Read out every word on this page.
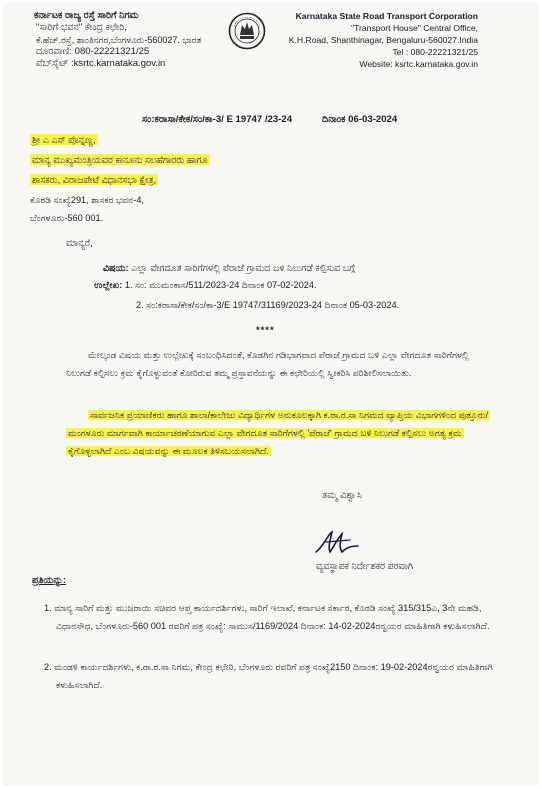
ಕರ್ನಾಟಕ ರಾಜ್ಯ ರಸ್ತೆ ಸಾರಿಗೆ ನಿಗಮ
"ಸಾರಿಗೆ ಭವನ" ಕೇಂದ್ರ ಕಛೇರಿ,
ಕೆ.ಹೆಚ್.ರಸ್ತೆ, ಶಾಂತಿನಗರ,ಬೆಂಗಳೂರು-560027. ಭಾರತ
ದೂರವಾಣಿ: 080-22221321/25
ವೆಬ್‌ಸೈಟ್ :ksrtc.karnataka.gov.in
Karnataka State Road Transport Corporation
"Transport House" Central Office,
K.H.Road, Shanthinagar, Bengaluru-560027.India
Tel : 080-22221321/25
Website: ksrtc.karnataka.gov.in
ಸಂ:ಕರಾಸಾ/ಕೇಕ/ಸಂ/ಕಾ-3/ E 19747 /23-24	ದಿನಾಂಕ 06-03-2024
ಶ್ರೀ ಎ ಎಸ್ ಪೊನ್ನಣ್ಣ,
ಮಾನ್ಯ ಮುಖ್ಯಮಂತ್ರಿಯವರ ಕಾನೂನು ಸಲಹೆಗಾರರು ಹಾಗೂ
ಶಾಸಕರು, ವಿರಾಜಪೇಟೆ ವಿಧಾನಸಭಾ ಕ್ಷೇತ್ರ,
ಕೊಠಡಿ ಸಂಖ್ಯೆ291, ಶಾಸಕರ ಭವನ-4,
ಬೆಂಗಳೂರು-560 001.
ಮಾನ್ಯರೆ,
ವಿಷಯ: ಎಲ್ಲಾ ವೇಗದೂತ ಸಾರಿಗೆಗಳಲ್ಲಿ ಪೆರಾಜೆ ಗ್ರಾಮದ ಬಳಿ ನಿಲುಗಡೆ ಕಲ್ಪಿಸುವ ಬಗ್ಗೆ
ಉಲ್ಲೇಖ: 1. ಸಂ: ಮುಮಂಕಾಸ/511/2023-24 ದಿನಾಂಕ 07-02-2024.
2. ಸಂ:ಕರಾಸಾ/ಕೇಕ/ಸಂ/ಕಾ-3/E 19747/31169/2023-24 ದಿನಾಂಕ 05-03-2024.
****
ಮೇಲ್ಕಂಡ ವಿಷಯ ಮತ್ತು ಉಲ್ಲೇಖಕ್ಕೆ ಸಂಬಂಧಿಸಿದಂತೆ, ಕೊಡಗಿನ ಗಡಿಭಾಗವಾದ ಪೆರಾಜೆ ಗ್ರಾಮದ ಬಳಿ ಎಲ್ಲಾ ವೇಗದೂತ ಸಾರಿಗೆಗಳಲ್ಲಿ ನಿಲುಗಡೆ ಕಲ್ಪಿಸಲು ಕ್ರಮ ಕೈಗೊಳ್ಳುವಂತೆ ಕೋರಿರುವ ತಮ್ಮ ಪ್ರಸ್ತಾವನೆಯನ್ನು ಈ ಕಛೇರಿಯಲ್ಲಿ ಸ್ವೀಕರಿಸಿ ಪರಿಶೀಲಿಸಲಾಯಿತು.
ಸಾರ್ವಜನಿಕ ಪ್ರಯಾಣಿಕರು ಹಾಗೂ ಶಾಲಾ/ಕಾಲೇಜು ವಿದ್ಯಾರ್ಥಿಗಳ ಅನುಕೂಲಕ್ಕಾಗಿ ಕ.ರಾ.ರ.ಸಾ ನಿಗಮದ ವ್ಯಾಪ್ತಿಯ ವಿಭಾಗಗಳಿಂದ ಪುತ್ತೂರು/ಮಂಗಳೂರು ಮಾರ್ಗವಾಗಿ ಕಾರ್ಯಾಚರಣೆಯಾಗುವ ಎಲ್ಲಾ ವೇಗದೂತ ಸಾರಿಗೆಗಳಲ್ಲಿ 'ಪೆರಾಜೆ' ಗ್ರಾಮದ ಬಳಿ ನಿಲುಗಡೆ ಕಲ್ಪಿಸಲು ಅಗತ್ಯ ಕ್ರಮ ಕೈಗೊಳ್ಳಲಾಗಿದೆ ಎಂಬ ವಿಷಯವನ್ನು ಈ ಮೂಲಕ ತಿಳಿಸಬಯಸಲಾಗಿದೆ.
ತಮ್ಮ ವಿಶ್ವಾಸಿ
ವ್ಯವಸ್ಥಾಪಕ ನಿರ್ದೇಶಕರ ಪರವಾಗಿ
ಪ್ರತಿಯನ್ನು:
1. ಮಾನ್ಯ ಸಾರಿಗೆ ಮತ್ತು ಮುಜರಾಯಿ ಸಚಿವರ ಆಪ್ತ ಕಾರ್ಯದರ್ಶಿಗಳು, ಸಾರಿಗೆ ಇಲಾಖೆ, ಕರ್ನಾಟಕ ಸರ್ಕಾರ, ಕೊಠಡಿ ಸಂಖ್ಯೆ 315/315ಎ, 3ನೇ ಮಹಡಿ, ವಿಧಾನಸೌಧ, ಬೆಂಗಳೂರು-560 001 ರವರಿಗೆ ಪತ್ರ ಸಂಖ್ಯೆ: ಸಾಮುಸ/1169/2024 ದಿನಾಂಕ: 14-02-2024ರನ್ವಯರ ಮಾಹಿತಿಗಾಗಿ ಕಳುಹಿಸಲಾಗಿದೆ.
2. ಮಂಡಳಿ ಕಾರ್ಯದರ್ಶಿಗಳು, ಕ.ರಾ.ರ.ಸಾ ನಿಗಮ, ಕೇಂದ್ರ ಕಛೇರಿ, ಬೆಂಗಳೂರು ರವರಿಗೆ ಪತ್ರ ಸಂಖ್ಯೆ2150 ದಿನಾಂಕ: 19-02-2024ರನ್ವಯರ ಮಾಹಿತಿಗಾಗಿ ಕಳುಹಿಸಲಾಗಿದೆ.
